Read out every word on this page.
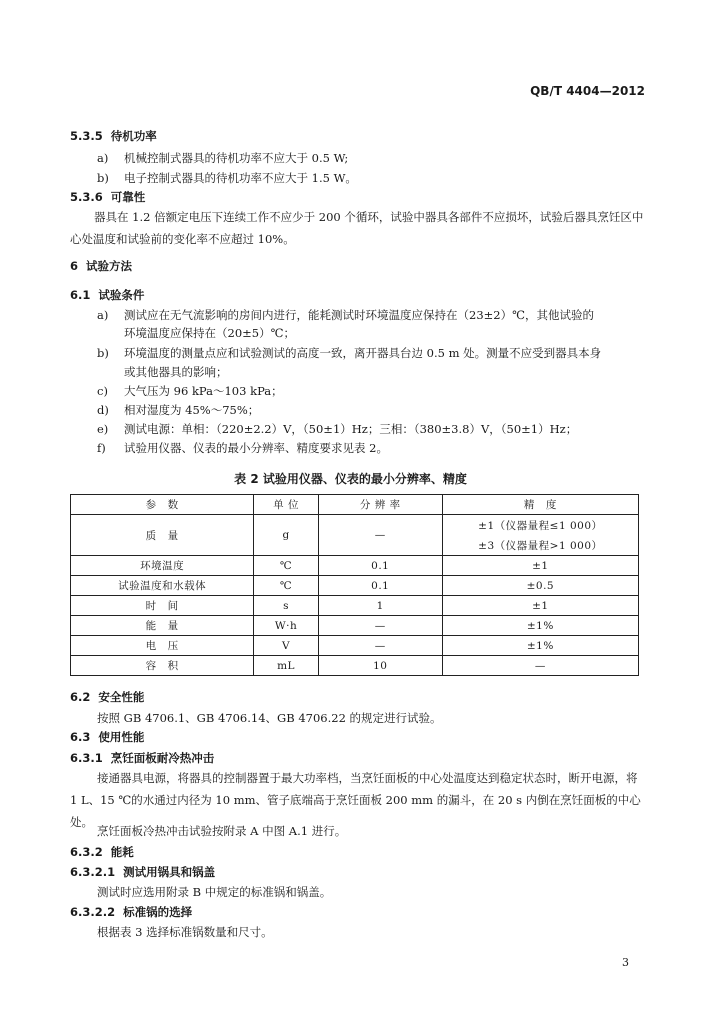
QB/T 4404—2012
5.3.5 待机功率
a) 机械控制式器具的待机功率不应大于 0.5 W;
b) 电子控制式器具的待机功率不应大于 1.5 W。
5.3.6 可靠性
器具在 1.2 倍额定电压下连续工作不应少于 200 个循环，试验中器具各部件不应损坏，试验后器具烹饪区中心处温度和试验前的变化率不应超过 10%。
6 试验方法
6.1 试验条件
a) 测试应在无气流影响的房间内进行，能耗测试时环境温度应保持在（23±2）℃，其他试验的
环境温度应保持在（20±5）℃；
b) 环境温度的测量点应和试验测试的高度一致，离开器具台边 0.5 m 处。测量不应受到器具本身
或其他器具的影响；
c) 大气压为 96 kPa～103 kPa；
d) 相对湿度为 45%～75%；
e) 测试电源：单相：（220±2.2）V，（50±1）Hz；三相：（380±3.8）V，（50±1）Hz；
f) 试验用仪器、仪表的最小分辨率、精度要求见表 2。
表 2 试验用仪器、仪表的最小分辨率、精度
参　数	单 位	分 辨 率	精　度
质　量	g	—	±1（仪器量程≤1 000）
			±3（仪器量程>1 000）
环境温度	℃	0.1	±1
试验温度和水载体	℃	0.1	±0.5
时　间	s	1	±1
能　量	W·h	—	±1%
电　压	V	—	±1%
容　积	mL	10	—
6.2 安全性能
按照 GB 4706.1、GB 4706.14、GB 4706.22 的规定进行试验。
6.3 使用性能
6.3.1 烹饪面板耐冷热冲击
接通器具电源，将器具的控制器置于最大功率档，当烹饪面板的中心处温度达到稳定状态时，断开电源，将 1 L、15 ℃的水通过内径为 10 mm、管子底端高于烹饪面板 200 mm 的漏斗，在 20 s 内倒在烹饪面板的中心处。
烹饪面板冷热冲击试验按附录 A 中图 A.1 进行。
6.3.2 能耗
6.3.2.1 测试用锅具和锅盖
测试时应选用附录 B 中规定的标准锅和锅盖。
6.3.2.2 标准锅的选择
根据表 3 选择标准锅数量和尺寸。
3
